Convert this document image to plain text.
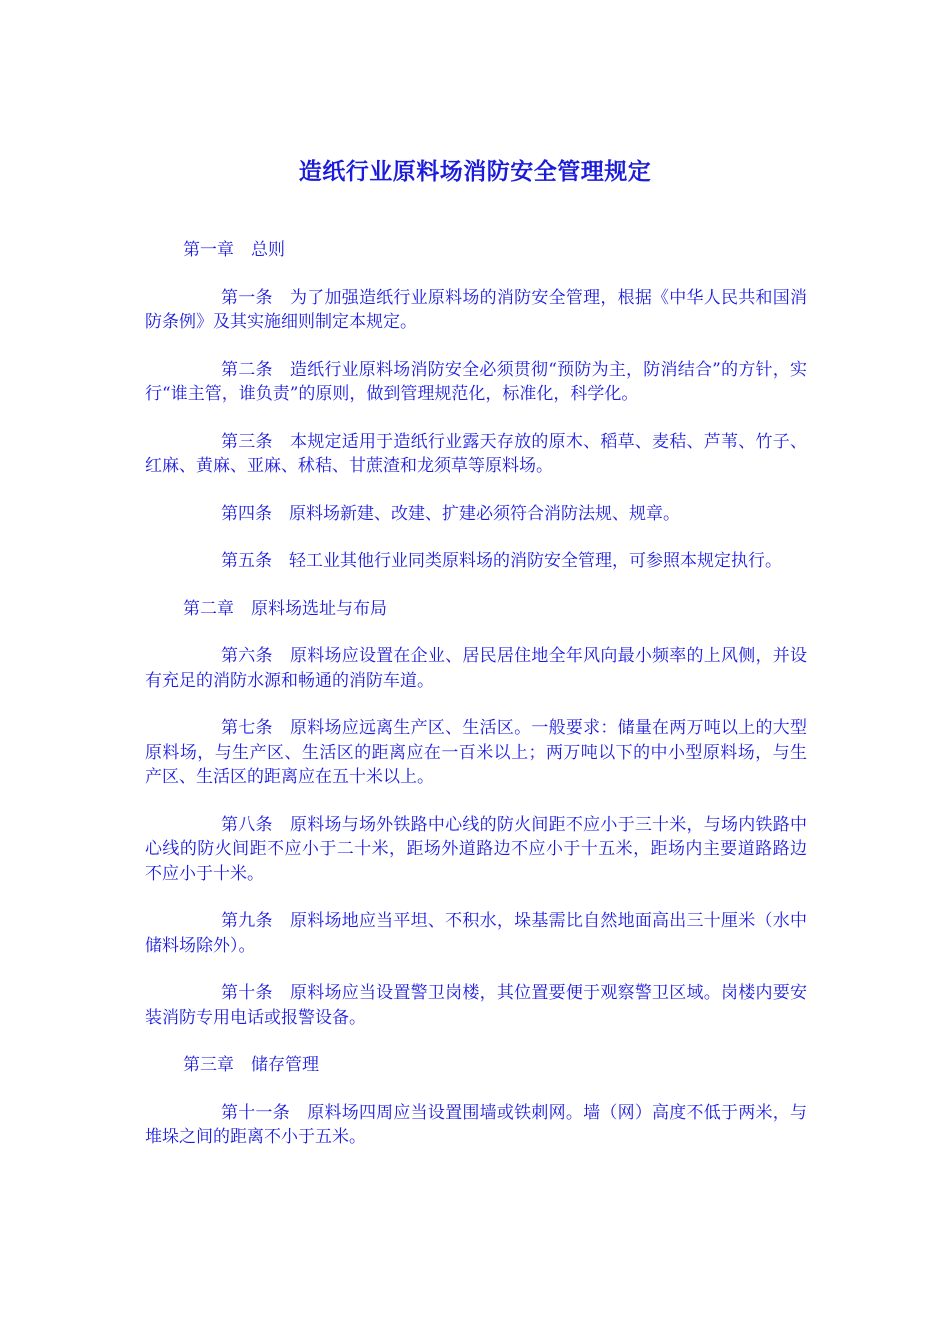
造纸行业原料场消防安全管理规定

第一章　总则

第一条　为了加强造纸行业原料场的消防安全管理，根据《中华人民共和国消防条例》及其实施细则制定本规定。

第二条　造纸行业原料场消防安全必须贯彻“预防为主，防消结合”的方针，实行“谁主管，谁负责”的原则，做到管理规范化，标准化，科学化。

第三条　本规定适用于造纸行业露天存放的原木、稻草、麦秸、芦苇、竹子、红麻、黄麻、亚麻、秫秸、甘蔗渣和龙须草等原料场。

第四条　原料场新建、改建、扩建必须符合消防法规、规章。

第五条　轻工业其他行业同类原料场的消防安全管理，可参照本规定执行。

第二章　原料场选址与布局

第六条　原料场应设置在企业、居民居住地全年风向最小频率的上风侧，并设有充足的消防水源和畅通的消防车道。

第七条　原料场应远离生产区、生活区。一般要求：储量在两万吨以上的大型原料场，与生产区、生活区的距离应在一百米以上；两万吨以下的中小型原料场，与生产区、生活区的距离应在五十米以上。

第八条　原料场与场外铁路中心线的防火间距不应小于三十米，与场内铁路中心线的防火间距不应小于二十米，距场外道路边不应小于十五米，距场内主要道路路边不应小于十米。

第九条　原料场地应当平坦、不积水，垛基需比自然地面高出三十厘米（水中储料场除外）。

第十条　原料场应当设置警卫岗楼，其位置要便于观察警卫区域。岗楼内要安装消防专用电话或报警设备。

第三章　储存管理

第十一条　原料场四周应当设置围墙或铁刺网。墙（网）高度不低于两米，与堆垛之间的距离不小于五米。
